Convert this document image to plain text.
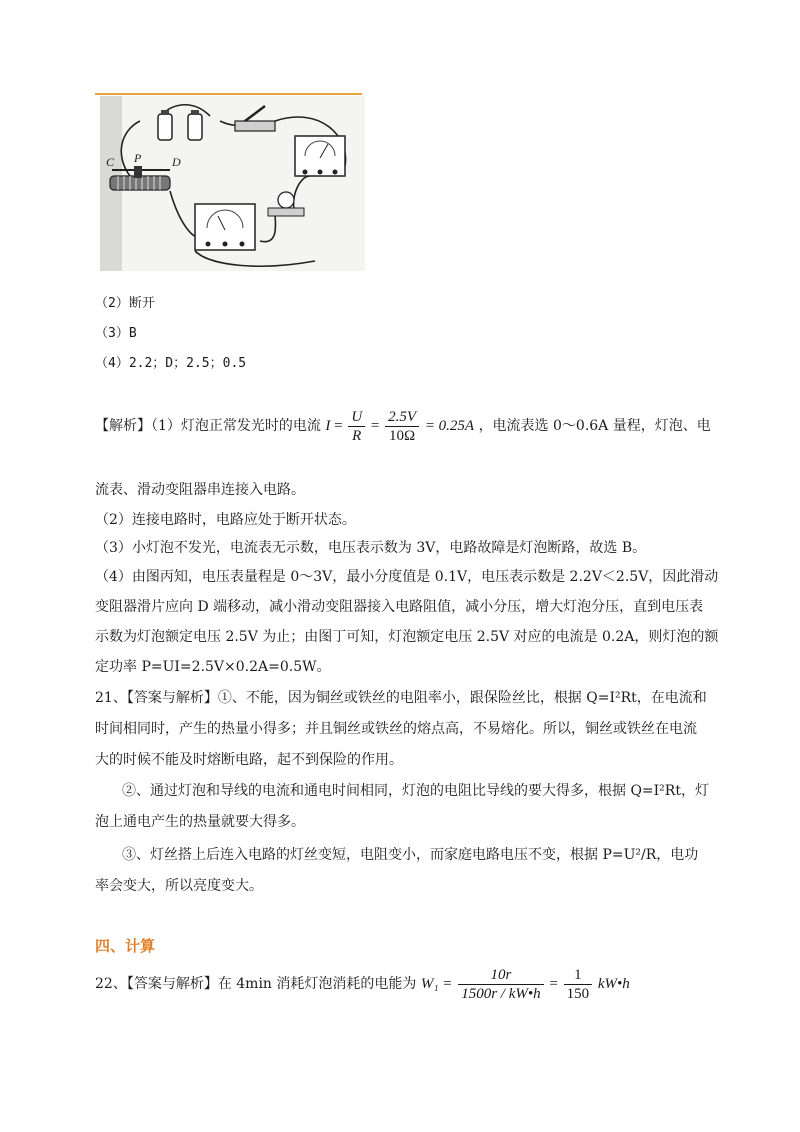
C P	D
（2）断开
（3）B
（4）2.2；D；2.5；0.5
【解析】（1）灯泡正常发光时的电流 $I = \frac{U}{R} = \frac{2.5V}{10\Omega} = 0.25A$ ，电流表选 0～0.6A 量程，灯泡、电
流表、滑动变阻器串连接入电路。
（2）连接电路时，电路应处于断开状态。
（3）小灯泡不发光，电流表无示数，电压表示数为 3V，电路故障是灯泡断路，故选 B。
（4）由图丙知，电压表量程是 0～3V，最小分度值是 0.1V，电压表示数是 2.2V＜2.5V，因此滑动
变阻器滑片应向 D 端移动，减小滑动变阻器接入电路阻值，减小分压，增大灯泡分压，直到电压表
示数为灯泡额定电压 2.5V 为止；由图丁可知，灯泡额定电压 2.5V 对应的电流是 0.2A，则灯泡的额
定功率 P=UI=2.5V×0.2A=0.5W。
21、【答案与解析】①、不能，因为铜丝或铁丝的电阻率小，跟保险丝比，根据 Q=I²Rt，在电流和
时间相同时，产生的热量小得多；并且铜丝或铁丝的熔点高，不易熔化。所以，铜丝或铁丝在电流
大的时候不能及时熔断电路，起不到保险的作用。
②、通过灯泡和导线的电流和通电时间相同，灯泡的电阻比导线的要大得多，根据 Q=I²Rt，灯
泡上通电产生的热量就要大得多。
③、灯丝搭上后连入电路的灯丝变短，电阻变小，而家庭电路电压不变，根据 P=U²/R，电功
率会变大，所以亮度变大。
四、计算
22、【答案与解析】在 4min 消耗灯泡消耗的电能为 $W_1 = \frac{10r}{1500r / kW•h} = \frac{1}{150}$ kW•h
